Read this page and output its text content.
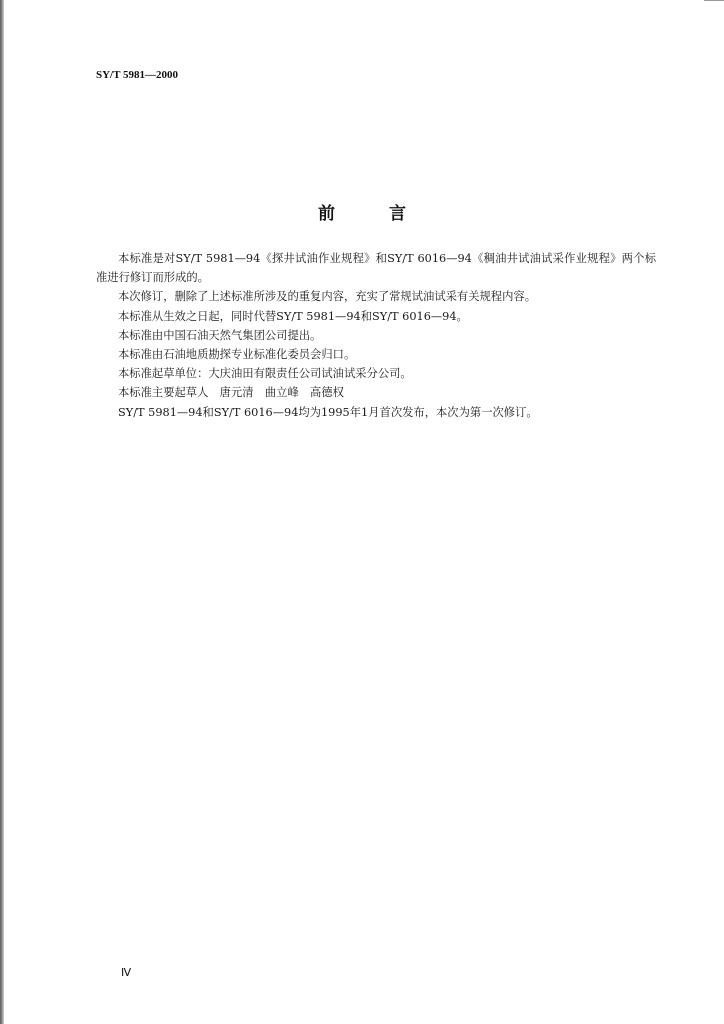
SY/T 5981—2000
前 言

本标准是对SY/T 5981—94《探井试油作业规程》和SY/T 6016—94《稠油井试油试采作业规程》两个标准进行修订而形成的。

本次修订，删除了上述标准所涉及的重复内容，充实了常规试油试采有关规程内容。

本标准从生效之日起，同时代替SY/T 5981—94和SY/T 6016—94。

本标准由中国石油天然气集团公司提出。

本标准由石油地质勘探专业标准化委员会归口。

本标准起草单位：大庆油田有限责任公司试油试采分公司。

本标准主要起草人　唐元清　曲立峰　高德权

SY/T 5981—94和SY/T 6016—94均为1995年1月首次发布，本次为第一次修订。

Ⅳ
